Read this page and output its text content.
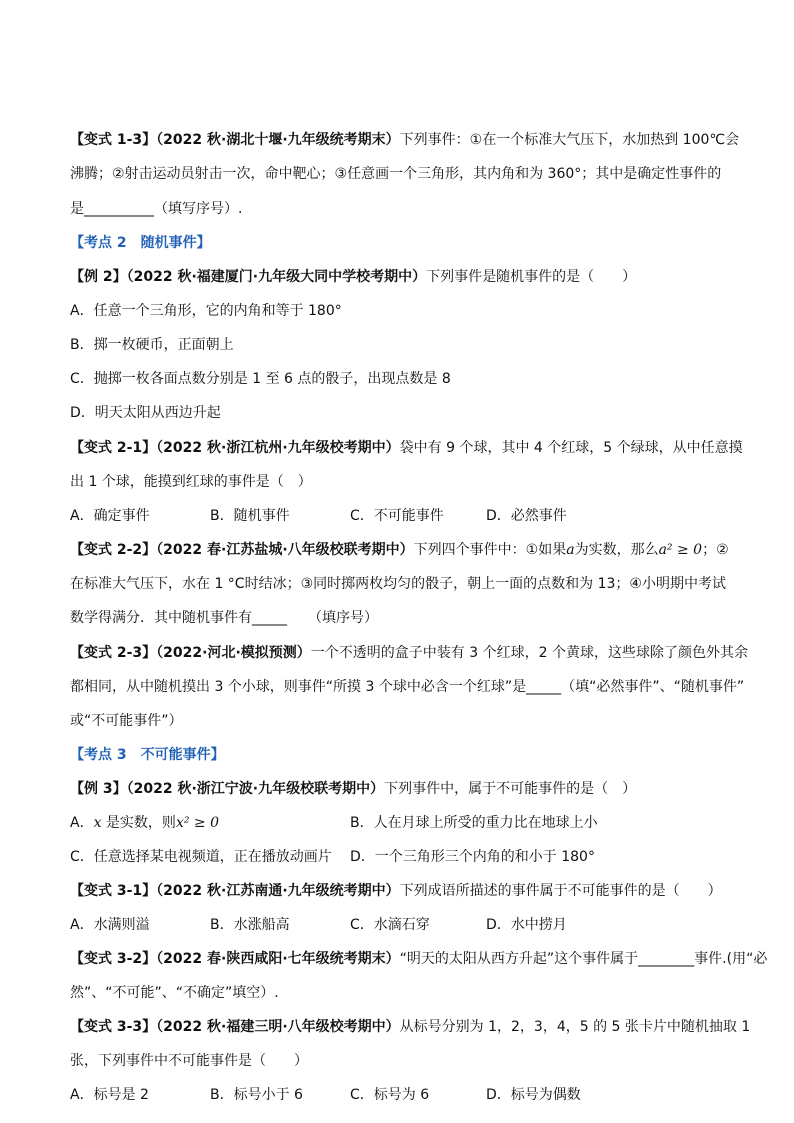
【变式 1-3】（2022 秋·湖北十堰·九年级统考期末）下列事件：①在一个标准大气压下，水加热到 100℃会
沸腾；②射击运动员射击一次，命中靶心；③任意画一个三角形，其内角和为 360°；其中是确定性事件的
是__________（填写序号）.
【考点 2　随机事件】
【例 2】（2022 秋·福建厦门·九年级大同中学校考期中）下列事件是随机事件的是（　　）
A．任意一个三角形，它的内角和等于 180°
B．掷一枚硬币，正面朝上
C．抛掷一枚各面点数分别是 1 至 6 点的骰子，出现点数是 8
D．明天太阳从西边升起
【变式 2-1】（2022 秋·浙江杭州·九年级校考期中）袋中有 9 个球，其中 4 个红球，5 个绿球，从中任意摸
出 1 个球，能摸到红球的事件是（　）
A．确定事件	B．随机事件	C．不可能事件	D．必然事件
【变式 2-2】（2022 春·江苏盐城·八年级校联考期中）下列四个事件中：①如果a为实数，那么a² ≥ 0；②
在标准大气压下，水在 1 °C时结冰；③同时掷两枚均匀的骰子，朝上一面的点数和为 13；④小明期中考试
数学得满分．其中随机事件有_____　　（填序号）
【变式 2-3】（2022·河北·模拟预测）一个不透明的盒子中装有 3 个红球，2 个黄球，这些球除了颜色外其余
都相同，从中随机摸出 3 个小球，则事件“所摸 3 个球中必含一个红球”是_____（填“必然事件”、“随机事件”
或“不可能事件”）
【考点 3　不可能事件】
【例 3】（2022 秋·浙江宁波·九年级校联考期中）下列事件中，属于不可能事件的是（　）
A．x 是实数，则x² ≥ 0	B．人在月球上所受的重力比在地球上小
C．任意选择某电视频道，正在播放动画片 D．一个三角形三个内角的和小于 180°
【变式 3-1】（2022 秋·江苏南通·九年级统考期中）下列成语所描述的事件属于不可能事件的是（　　）
A．水满则溢	B．水涨船高	C．水滴石穿	D．水中捞月
【变式 3-2】（2022 春·陕西咸阳·七年级统考期末）“明天的太阳从西方升起”这个事件属于________事件.(用“必
然”、“不可能”、“不确定”填空）.
【变式 3-3】（2022 秋·福建三明·八年级校考期中）从标号分别为 1，2，3，4，5 的 5 张卡片中随机抽取 1
张，下列事件中不可能事件是（　　）
A．标号是 2	B．标号小于 6	C．标号为 6	D．标号为偶数
